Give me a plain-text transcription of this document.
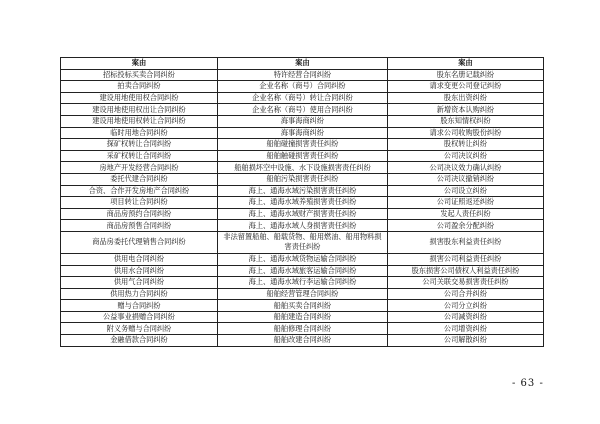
案由	案由	案由
招标投标买卖合同纠纷	特许经营合同纠纷	股东名册记载纠纷
拍卖合同纠纷	企业名称（商号）合同纠纷	请求变更公司登记纠纷
建设用地使用权合同纠纷	企业名称（商号）转让合同纠纷	股东出资纠纷
建设用地使用权出让合同纠纷	企业名称（商号）使用合同纠纷	新增资本认购纠纷
建设用地使用权转让合同纠纷	海事海商纠纷	股东知情权纠纷
临时用地合同纠纷	海事海商纠纷	请求公司收购股份纠纷
探矿权转让合同纠纷	船舶碰撞损害责任纠纷	股权转让纠纷
采矿权转让合同纠纷	船舶触碰损害责任纠纷	公司决议纠纷
房地产开发经营合同纠纷	船舶损坏空中设施、水下设施损害责任纠纷	公司决议效力确认纠纷
委托代建合同纠纷	船舶污染损害责任纠纷	公司决议撤销纠纷
合资、合作开发房地产合同纠纷	海上、通海水域污染损害责任纠纷	公司设立纠纷
项目转让合同纠纷	海上、通海水域养殖损害责任纠纷	公司证照返还纠纷
商品房预约合同纠纷	海上、通海水域财产损害责任纠纷	发起人责任纠纷
商品房预售合同纠纷	海上、通海水域人身损害责任纠纷	公司盈余分配纠纷
商品房委托代理销售合同纠纷	非法留置船舶、船载货物、船用燃油、船用物料损害责任纠纷	损害股东利益责任纠纷
供用电合同纠纷	海上、通海水域货物运输合同纠纷	损害公司利益责任纠纷
供用水合同纠纷	海上、通海水域旅客运输合同纠纷	股东损害公司债权人利益责任纠纷
供用气合同纠纷	海上、通海水域行李运输合同纠纷	公司关联交易损害责任纠纷
供用热力合同纠纷	船舶经营管理合同纠纷	公司合并纠纷
赠与合同纠纷	船舶买卖合同纠纷	公司分立纠纷
公益事业捐赠合同纠纷	船舶建造合同纠纷	公司减资纠纷
附义务赠与合同纠纷	船舶修理合同纠纷	公司增资纠纷
金融借款合同纠纷	船舶改建合同纠纷	公司解散纠纷
- 63 -
